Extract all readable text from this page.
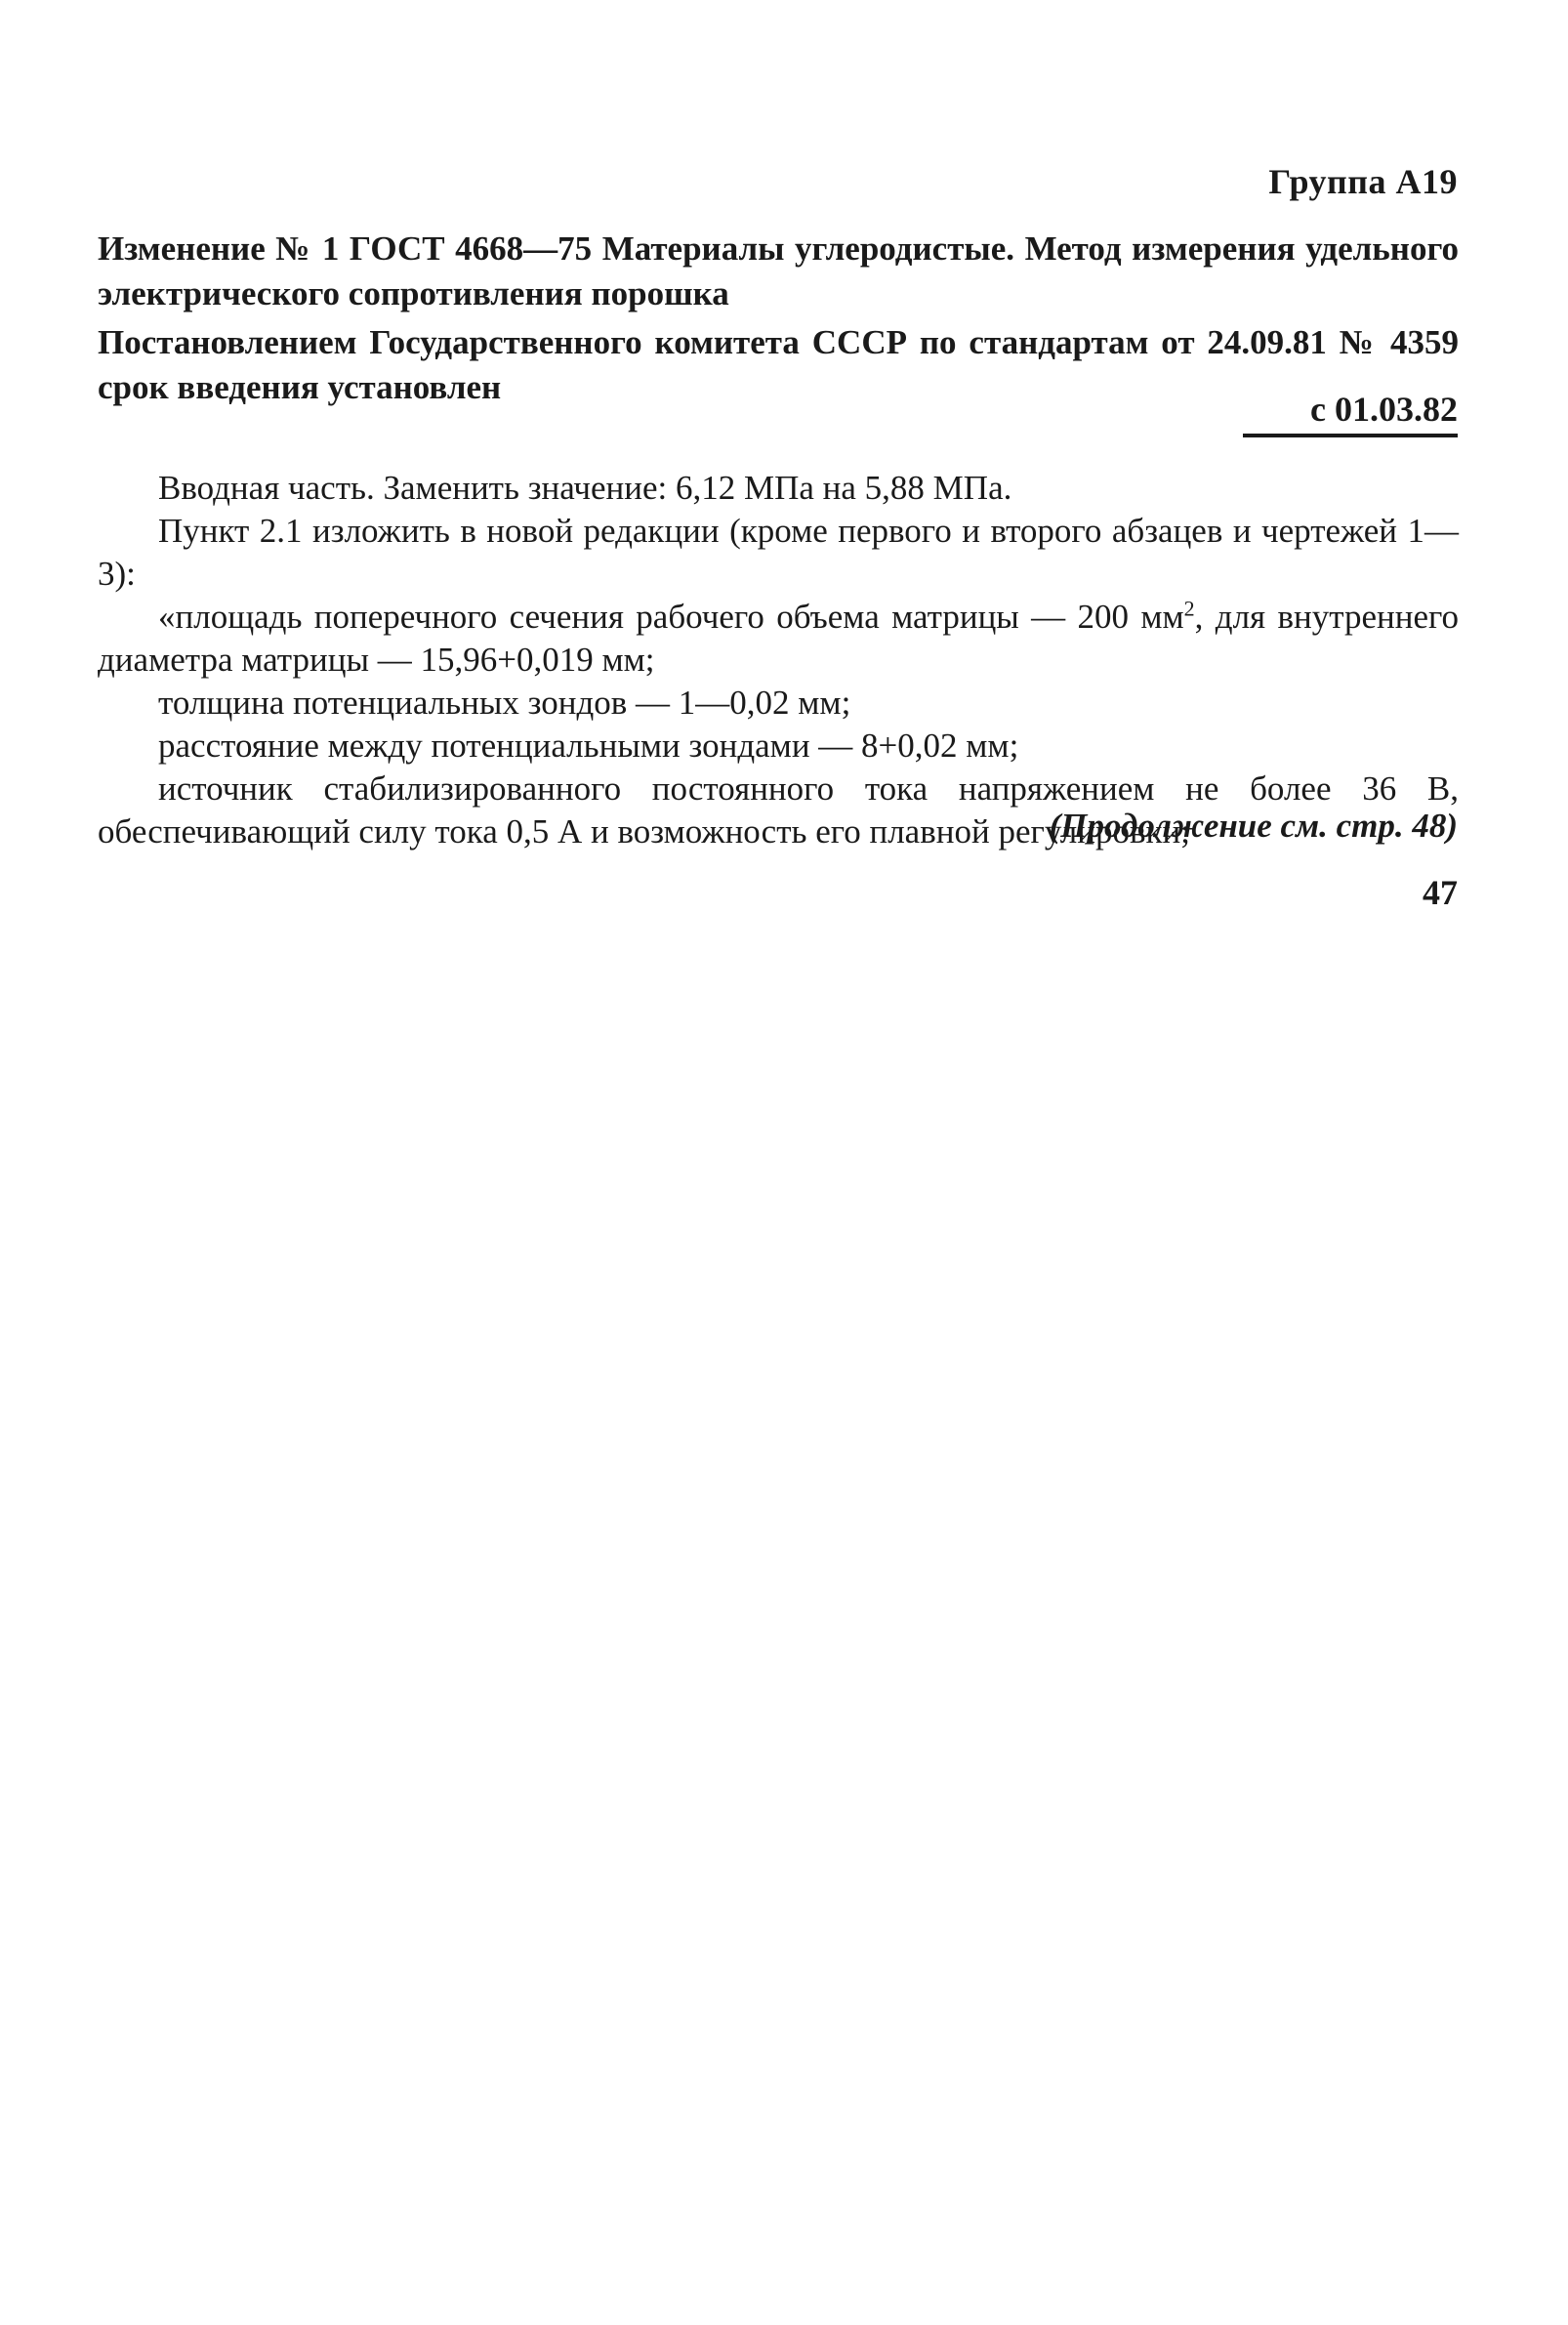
Группа А19
Изменение № 1 ГОСТ 4668—75 Материалы углеродистые. Метод измерения удельного электрического сопротивления порошка
Постановлением Государственного комитета СССР по стандартам от 24.09.81 № 4359 срок введения установлен
с 01.03.82

Вводная часть. Заменить значение: 6,12 МПа на 5,88 МПа.

Пункт 2.1 изложить в новой редакции (кроме первого и второго абзацев и чертежей 1—3):

«площадь поперечного сечения рабочего объема матрицы — 200 $мм^2$, для внутреннего диаметра матрицы — 15,96+0,019 мм;

толщина потенциальных зондов — 1—0,02 мм;

расстояние между потенциальными зондами — 8+0,02 мм;

источник стабилизированного постоянного тока напряжением не более 36 В, обеспечивающий силу тока 0,5 А и возможность его плавной регулировки;

(Продолжение см. стр. 48)
47
